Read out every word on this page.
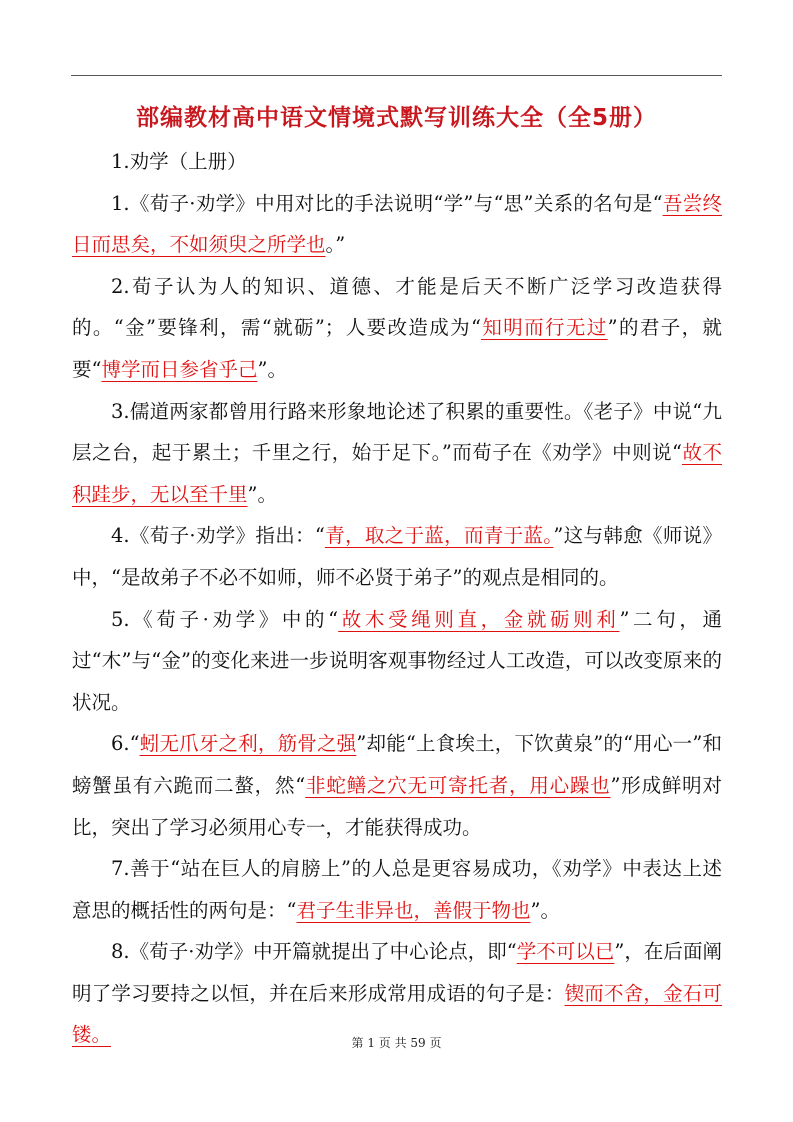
部编教材高中语文情境式默写训练大全（全5册）

1.劝学（上册）

1.《荀子·劝学》中用对比的手法说明“学”与“思”关系的名句是“吾尝终日而思矣，不如须臾之所学也。”

2.荀子认为人的知识、道德、才能是后天不断广泛学习改造获得的。“金”要锋利，需“就砺”；人要改造成为“知明而行无过”的君子，就要“博学而日参省乎己”。

3.儒道两家都曾用行路来形象地论述了积累的重要性。《老子》中说“九层之台，起于累土；千里之行，始于足下。”而荀子在《劝学》中则说“故不积跬步，无以至千里”。

4.《荀子·劝学》指出：“青，取之于蓝，而青于蓝。”这与韩愈《师说》中，“是故弟子不必不如师，师不必贤于弟子”的观点是相同的。

5.《荀子·劝学》中的“故木受绳则直，金就砺则利”二句，通过“木”与“金”的变化来进一步说明客观事物经过人工改造，可以改变原来的状况。

6.“蚓无爪牙之利，筋骨之强”却能“上食埃土，下饮黄泉”的“用心一”和螃蟹虽有六跪而二螯，然“非蛇鳝之穴无可寄托者，用心躁也”形成鲜明对比，突出了学习必须用心专一，才能获得成功。

7.善于“站在巨人的肩膀上”的人总是更容易成功，《劝学》中表达上述意思的概括性的两句是：“君子生非异也，善假于物也”。

8.《荀子·劝学》中开篇就提出了中心论点，即“学不可以已”，在后面阐明了学习要持之以恒，并在后来形成常用成语的句子是：锲而不舍，金石可镂。	第 1 页 共 59 页
